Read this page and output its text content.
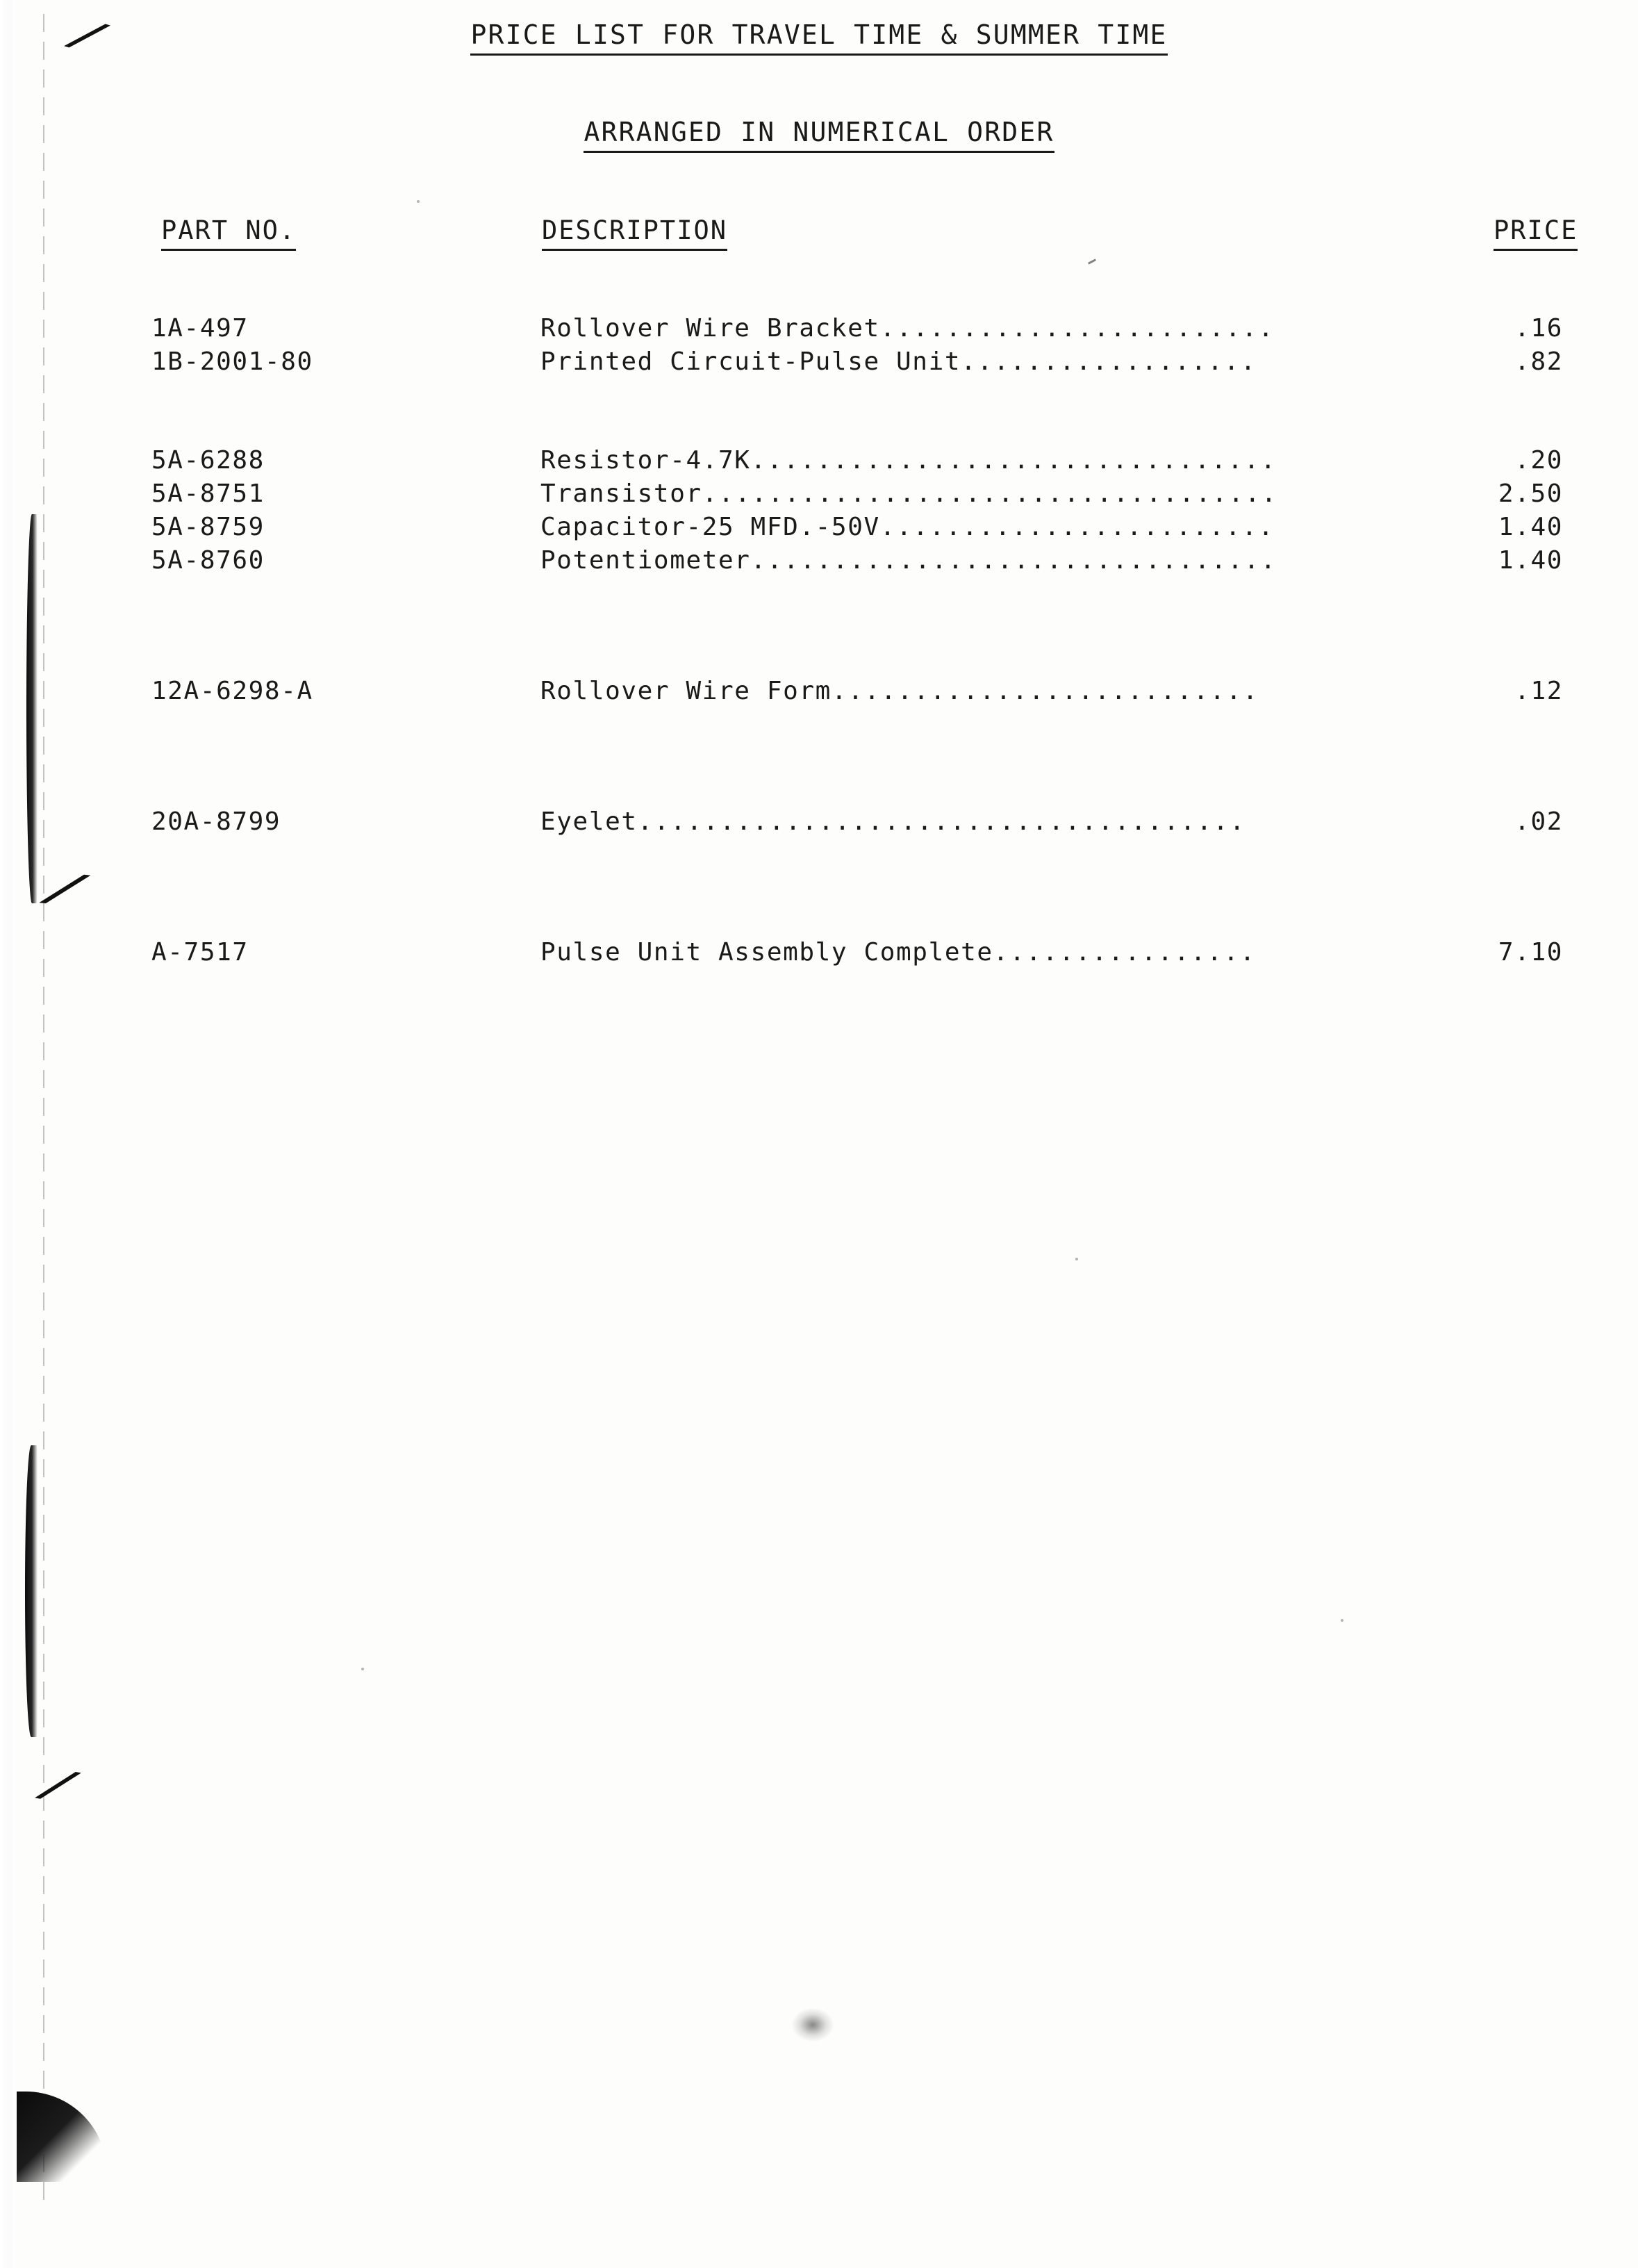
⁄
⁄
⁄
PRICE LIST FOR TRAVEL TIME & SUMMER TIME
ARRANGED IN NUMERICAL ORDER
PART NO.	DESCRIPTION	PRICE
1A-497	Rollover Wire Bracket ........................	.16
1B-2001-80	Printed Circuit-Pulse Unit ..................	.82
5A-6288	Resistor-4.7K ................................	.20
5A-8751	Transistor ...................................	2.50
5A-8759	Capacitor-25 MFD.-50V ........................	1.40
5A-8760	Potentiometer ................................	1.40
12A-6298-A	Rollover Wire Form ..........................	.12
20A-8799	Eyelet .....................................	.02
A-7517	Pulse Unit Assembly Complete ................	7.10
